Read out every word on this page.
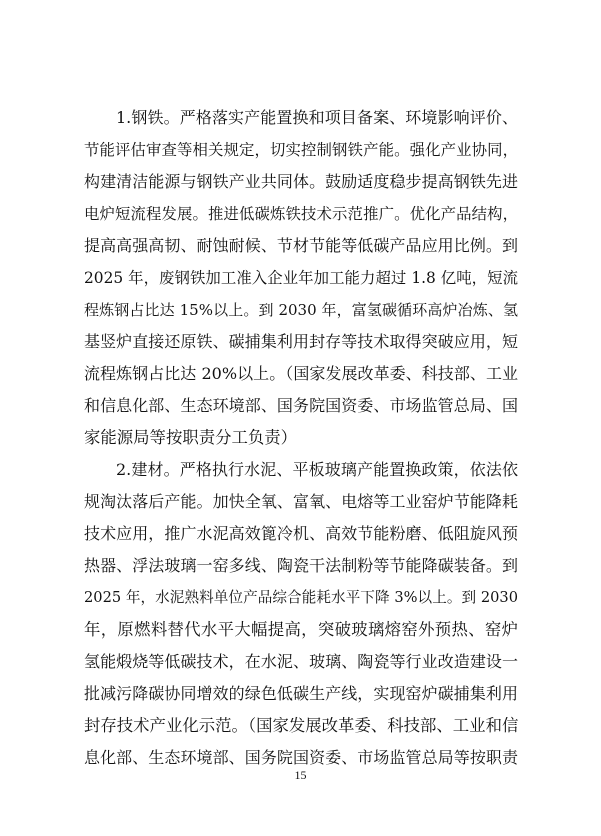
1.钢铁。严格落实产能置换和项目备案、环境影响评价、
节能评估审查等相关规定，切实控制钢铁产能。强化产业协同，
构建清洁能源与钢铁产业共同体。鼓励适度稳步提高钢铁先进
电炉短流程发展。推进低碳炼铁技术示范推广。优化产品结构，
提高高强高韧、耐蚀耐候、节材节能等低碳产品应用比例。到
2025 年，废钢铁加工准入企业年加工能力超过 1.8 亿吨，短流
程炼钢占比达 15%以上。到 2030 年，富氢碳循环高炉冶炼、氢
基竖炉直接还原铁、碳捕集利用封存等技术取得突破应用，短
流程炼钢占比达 20%以上。（国家发展改革委、科技部、工业
和信息化部、生态环境部、国务院国资委、市场监管总局、国
家能源局等按职责分工负责）
2.建材。严格执行水泥、平板玻璃产能置换政策，依法依
规淘汰落后产能。加快全氧、富氧、电熔等工业窑炉节能降耗
技术应用，推广水泥高效篦冷机、高效节能粉磨、低阻旋风预
热器、浮法玻璃一窑多线、陶瓷干法制粉等节能降碳装备。到
2025 年，水泥熟料单位产品综合能耗水平下降 3%以上。到 2030
年，原燃料替代水平大幅提高，突破玻璃熔窑外预热、窑炉
氢能煅烧等低碳技术，在水泥、玻璃、陶瓷等行业改造建设一
批减污降碳协同增效的绿色低碳生产线，实现窑炉碳捕集利用
封存技术产业化示范。（国家发展改革委、科技部、工业和信
息化部、生态环境部、国务院国资委、市场监管总局等按职责
15
